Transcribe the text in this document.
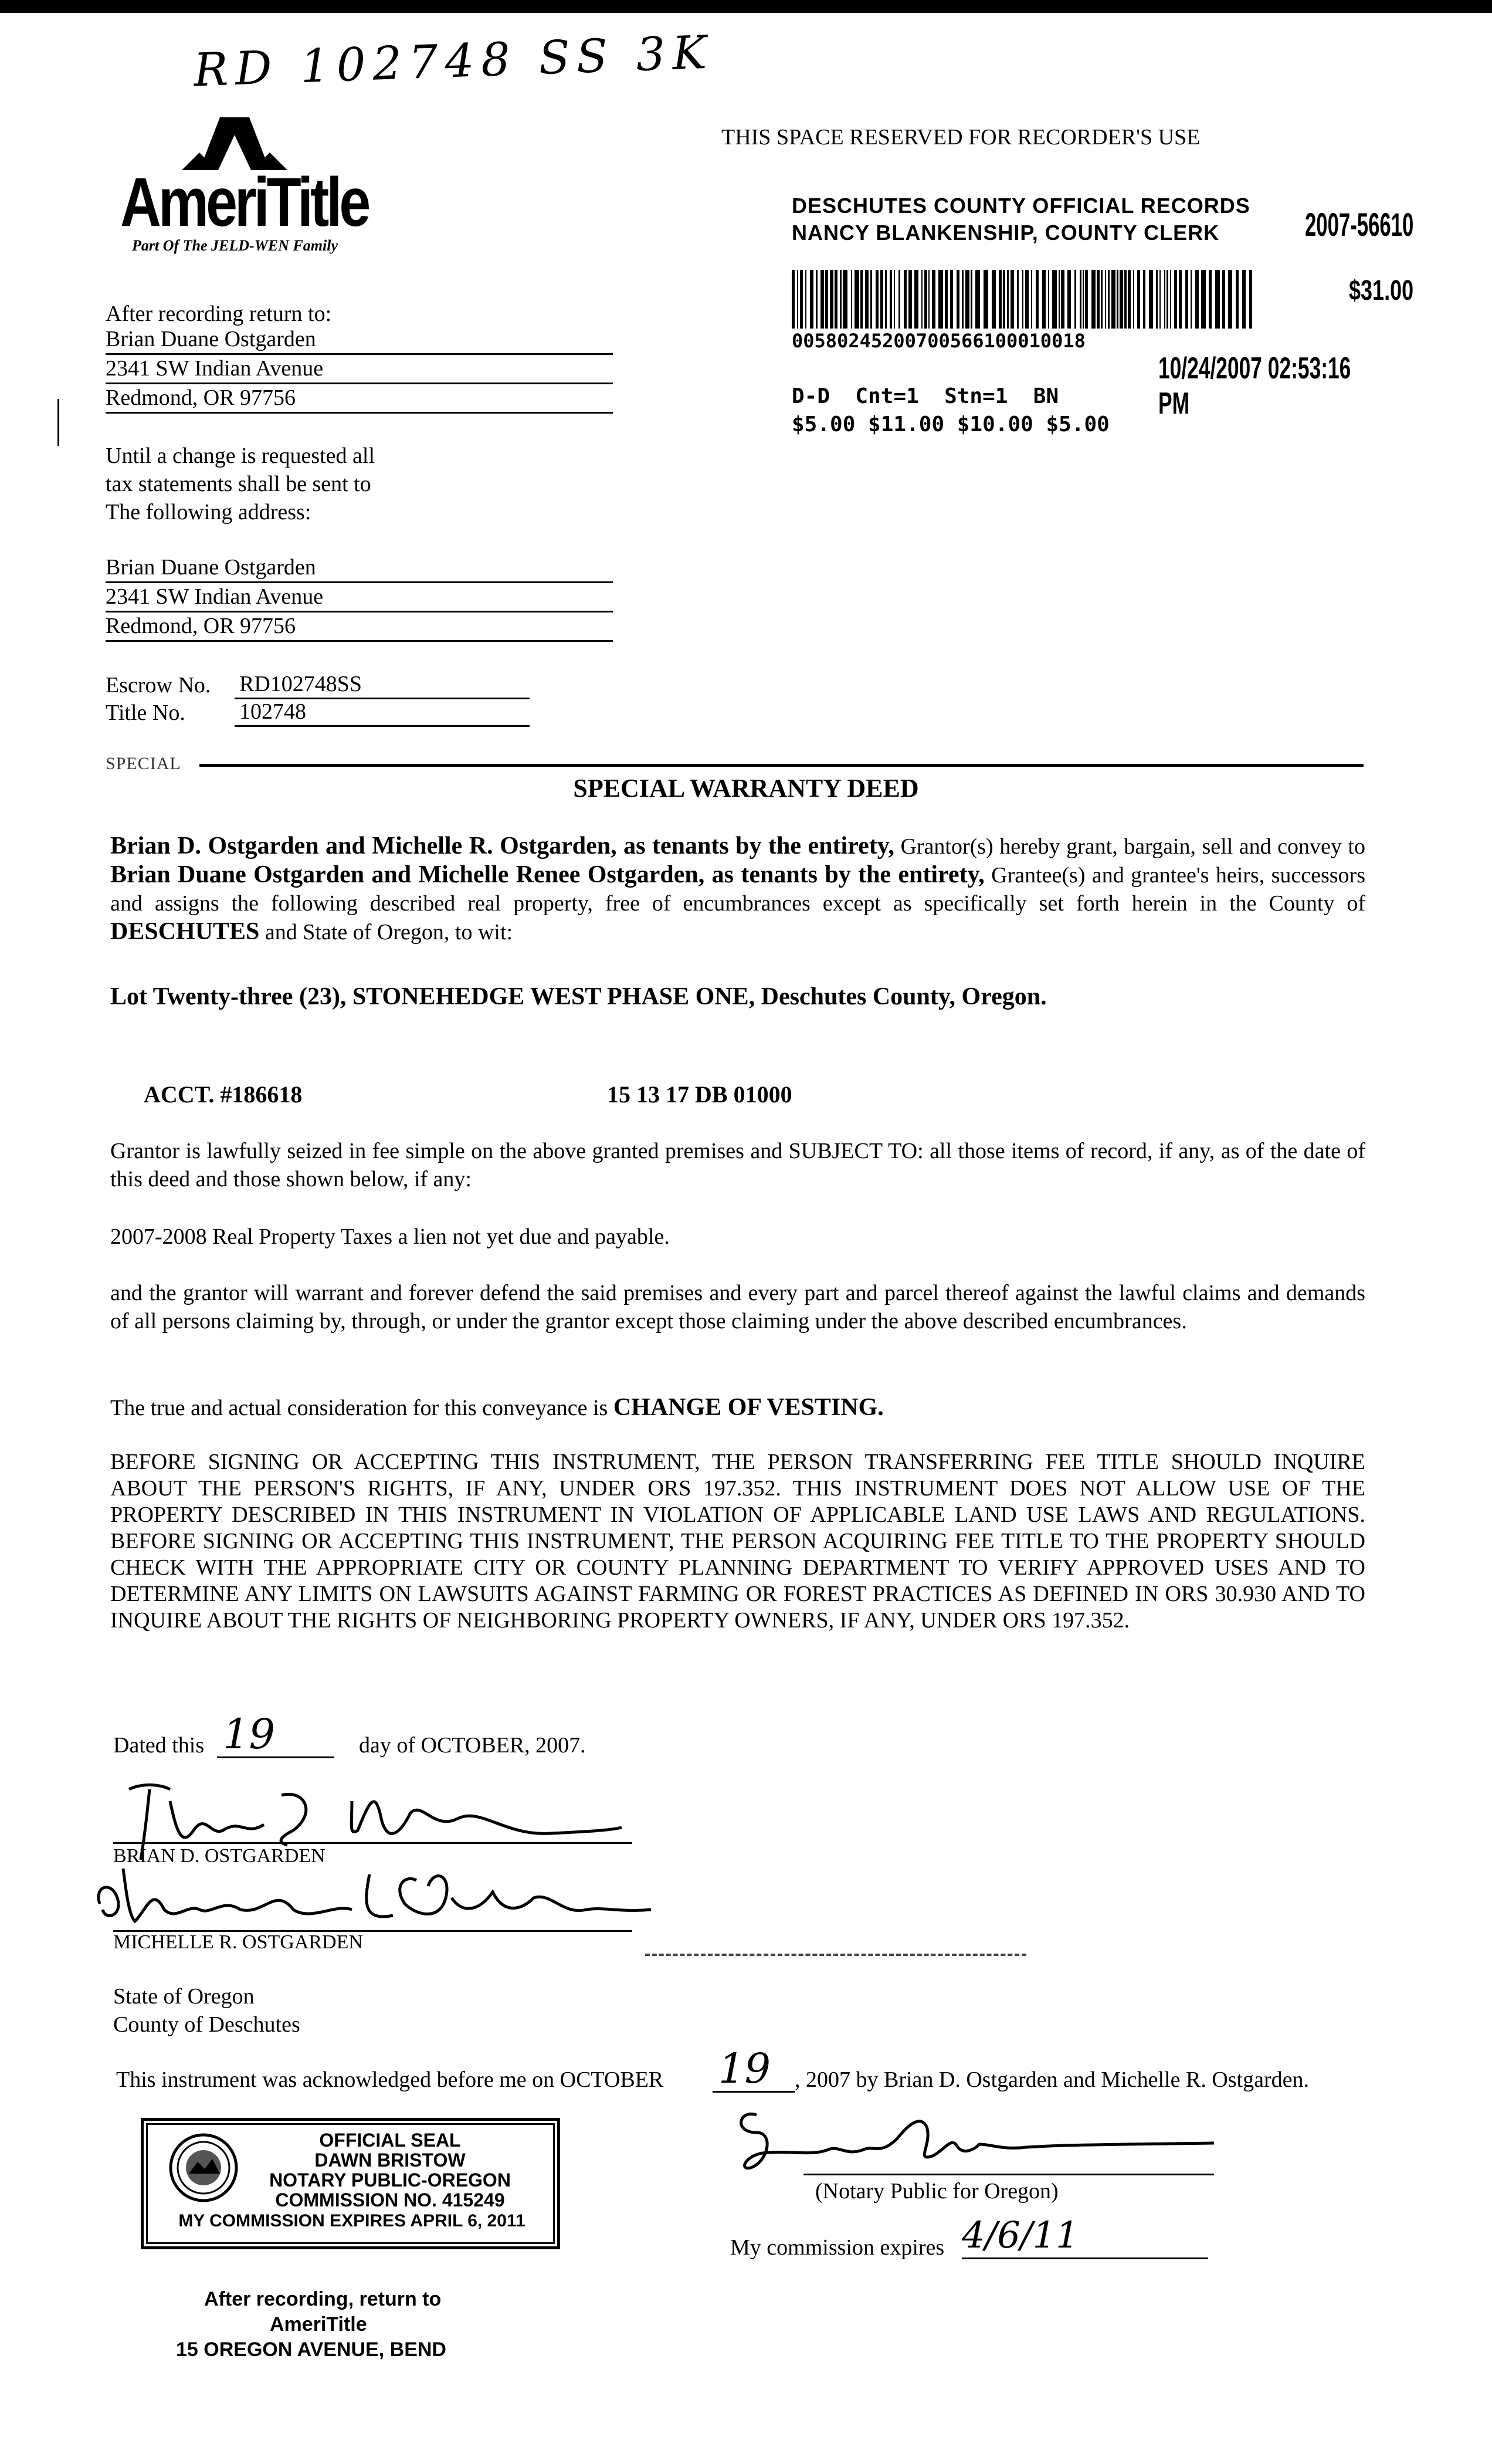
RD 102748 SS 3K
AmeriTitle
Part Of The JELD-WEN Family
THIS SPACE RESERVED FOR RECORDER'S USE
DESCHUTES COUNTY OFFICIAL RECORDS
NANCY BLANKENSHIP, COUNTY CLERK	2007-56610
$31.00
00580245200700566100010018
10/24/2007 02:53:16 PM
D-D  Cnt=1  Stn=1  BN
$5.00 $11.00 $10.00 $5.00
After recording return to:
Brian Duane Ostgarden
2341 SW Indian Avenue
Redmond, OR 97756
Until a change is requested all
tax statements shall be sent to
The following address:
Brian Duane Ostgarden
2341 SW Indian Avenue
Redmond, OR 97756
Escrow No. RD102748SS
Title No. 102748
SPECIAL
SPECIAL WARRANTY DEED
Brian D. Ostgarden and Michelle R. Ostgarden, as tenants by the entirety, Grantor(s) hereby grant, bargain, sell and convey to Brian Duane Ostgarden and Michelle Renee Ostgarden, as tenants by the entirety, Grantee(s) and grantee's heirs, successors and assigns the following described real property, free of encumbrances except as specifically set forth herein in the County of DESCHUTES and State of Oregon, to wit:
Lot Twenty-three (23), STONEHEDGE WEST PHASE ONE, Deschutes County, Oregon.
ACCT. #186618	15 13 17 DB 01000
Grantor is lawfully seized in fee simple on the above granted premises and SUBJECT TO: all those items of record, if any, as of the date of this deed and those shown below, if any:
2007-2008 Real Property Taxes a lien not yet due and payable.
and the grantor will warrant and forever defend the said premises and every part and parcel thereof against the lawful claims and demands of all persons claiming by, through, or under the grantor except those claiming under the above described encumbrances.
The true and actual consideration for this conveyance is CHANGE OF VESTING.
BEFORE SIGNING OR ACCEPTING THIS INSTRUMENT, THE PERSON TRANSFERRING FEE TITLE SHOULD INQUIRE ABOUT THE PERSON'S RIGHTS, IF ANY, UNDER ORS 197.352. THIS INSTRUMENT DOES NOT ALLOW USE OF THE PROPERTY DESCRIBED IN THIS INSTRUMENT IN VIOLATION OF APPLICABLE LAND USE LAWS AND REGULATIONS. BEFORE SIGNING OR ACCEPTING THIS INSTRUMENT, THE PERSON ACQUIRING FEE TITLE TO THE PROPERTY SHOULD CHECK WITH THE APPROPRIATE CITY OR COUNTY PLANNING DEPARTMENT TO VERIFY APPROVED USES AND TO DETERMINE ANY LIMITS ON LAWSUITS AGAINST FARMING OR FOREST PRACTICES AS DEFINED IN ORS 30.930 AND TO INQUIRE ABOUT THE RIGHTS OF NEIGHBORING PROPERTY OWNERS, IF ANY, UNDER ORS 197.352.
Dated this 19	day of OCTOBER, 2007.
BRIAN D. OSTGARDEN
MICHELLE R. OSTGARDEN
State of Oregon
County of Deschutes
This instrument was acknowledged before me on OCTOBER 19	, 2007 by Brian D. Ostgarden and Michelle R. Ostgarden.
OFFICIAL SEAL
DAWN BRISTOW
NOTARY PUBLIC-OREGON
COMMISSION NO. 415249
MY COMMISSION EXPIRES APRIL 6, 2011
(Notary Public for Oregon)
My commission expires 4/6/11
After recording, return to
AmeriTitle
15 OREGON AVENUE, BEND
